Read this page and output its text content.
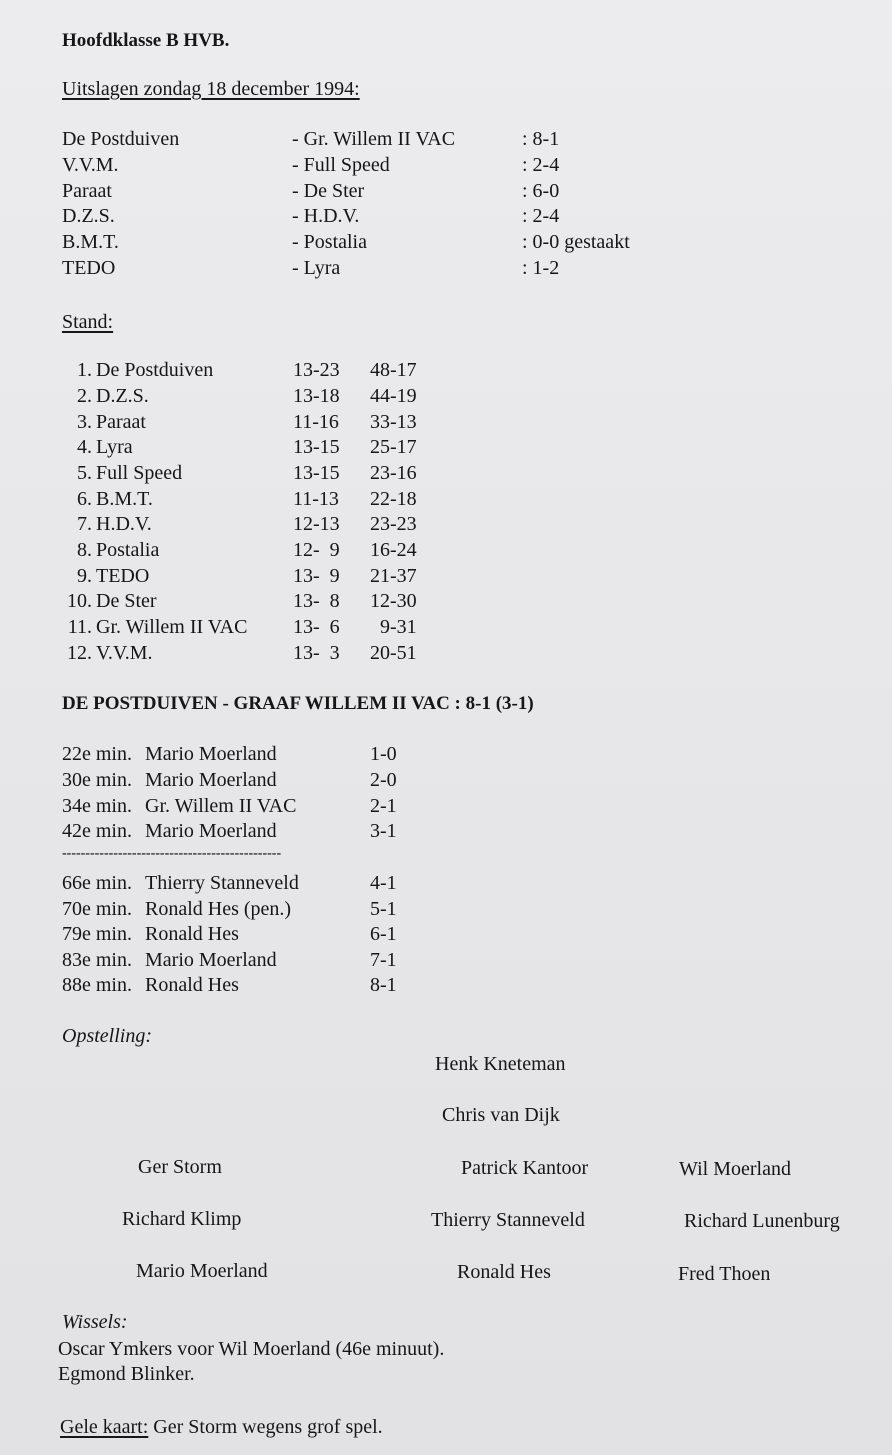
Hoofdklasse B HVB.
Uitslagen zondag 18 december 1994:
De Postduiven	- Gr. Willem II VAC	: 8-1
V.V.M.	- Full Speed	: 2-4
Paraat	- De Ster	: 6-0
D.Z.S.	- H.D.V.	: 2-4
B.M.T.	- Postalia	: 0-0 gestaakt
TEDO	- Lyra	: 1-2
Stand:
1. De Postduiven	13-23 48-17
2. D.Z.S.	13-18 44-19
3. Paraat	11-16 33-13
4. Lyra	13-15 25-17
5. Full Speed	13-15 23-16
6. B.M.T.	11-13 22-18
7. H.D.V.	12-13 23-23
8. Postalia	12-  9 16-24
9. TEDO	13-  9 21-37
10. De Ster	13-  8 12-30
11. Gr. Willem II VAC 13-  6 9-31
12. V.V.M.	13-  3 20-51
DE POSTDUIVEN - GRAAF WILLEM II VAC : 8-1 (3-1)
22e min. Mario Moerland	1-0
30e min. Mario Moerland	2-0
34e min. Gr. Willem II VAC	2-1
42e min. Mario Moerland	3-1
-----------------------------------------------
66e min. Thierry Stanneveld	4-1
70e min. Ronald Hes (pen.)	5-1
79e min. Ronald Hes	6-1
83e min. Mario Moerland	7-1
88e min. Ronald Hes	8-1
Opstelling:
Henk Kneteman
Chris van Dijk
Ger Storm	Patrick Kantoor	Wil Moerland
Richard Klimp	Thierry Stanneveld	Richard Lunenburg
Mario Moerland	Ronald Hes	Fred Thoen
Wissels:
Oscar Ymkers voor Wil Moerland (46e minuut).
Egmond Blinker.
Gele kaart: Ger Storm wegens grof spel.
